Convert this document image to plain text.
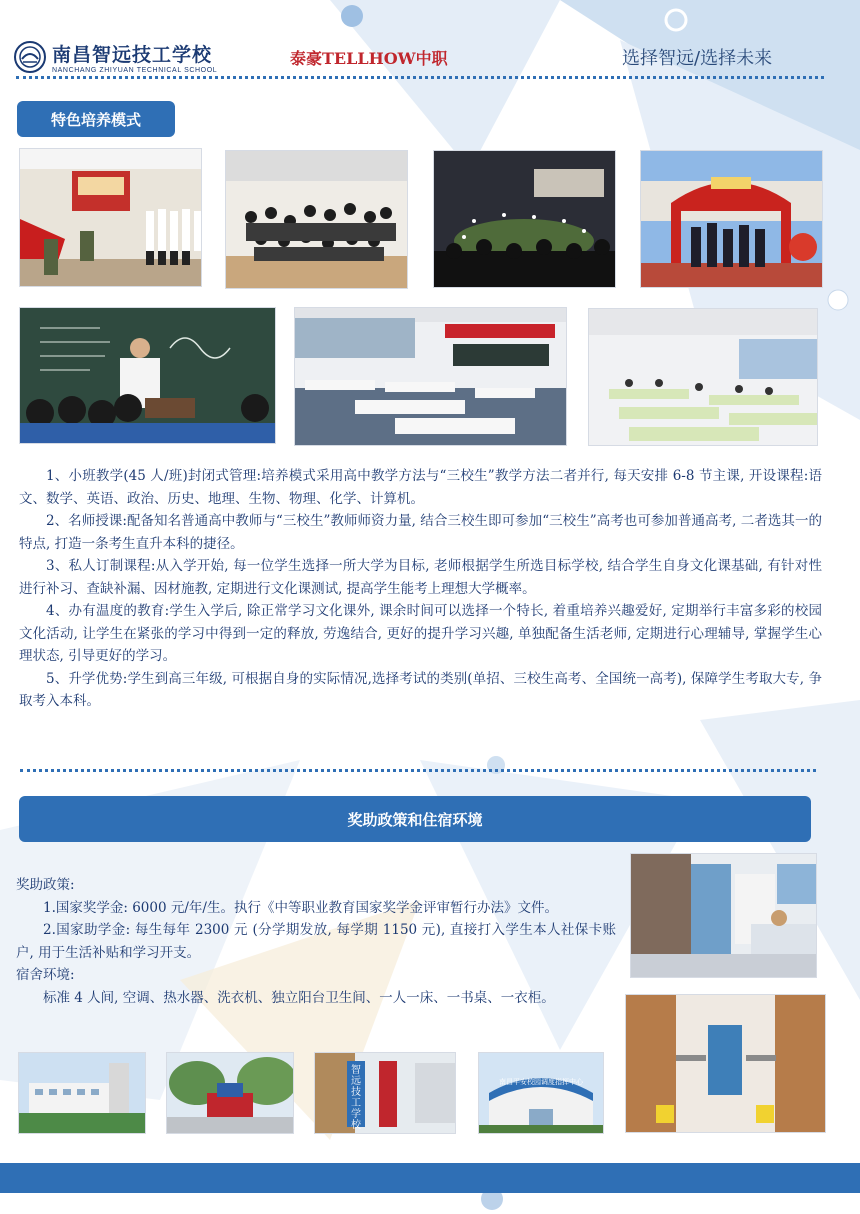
南昌智远技工学校
NANCHANG ZHIYUAN TECHNICAL SCHOOL
泰豪TELLHOW中职	选择智远/选择未来
特色培养模式

1、小班教学(45 人/班)封闭式管理:培养模式采用高中教学方法与“三校生”教学方法二者并行, 每天安排 6-8 节主课, 开设课程:语文、数学、英语、政治、历史、地理、生物、物理、化学、计算机。

2、名师授课:配备知名普通高中教师与“三校生”教师师资力量, 结合三校生即可参加“三校生”高考也可参加普通高考, 二者选其一的特点, 打造一条考生直升本科的捷径。

3、私人订制课程:从入学开始, 每一位学生选择一所大学为目标, 老师根据学生所选目标学校, 结合学生自身文化课基础, 有针对性进行补习、查缺补漏、因材施教, 定期进行文化课测试, 提高学生能考上理想大学概率。

4、办有温度的教育:学生入学后, 除正常学习文化课外, 课余时间可以选择一个特长, 着重培养兴趣爱好, 定期举行丰富多彩的校园文化活动, 让学生在紧张的学习中得到一定的释放, 劳逸结合, 更好的提升学习兴趣, 单独配备生活老师, 定期进行心理辅导, 掌握学生心理状态, 引导更好的学习。

5、升学优势:学生到高三年级, 可根据自身的实际情况,选择考试的类别(单招、三校生高考、全国统一高考), 保障学生考取大专, 争取考入本科。

奖助政策和住宿环境

奖助政策:

1.国家奖学金: 6000 元/年/生。执行《中等职业教育国家奖学金评审暂行办法》文件。

2.国家助学金: 每生每年 2300 元 (分学期发放, 每学期 1150 元), 直接打入学生本人社保卡账户, 用于生活补贴和学习开支。

宿舍环境:

标准 4 人间, 空调、热水器、洗衣机、独立阳台卫生间、一人一床、一书桌、一衣柜。

智远技工学校
南昌平安校园调度指挥中心
